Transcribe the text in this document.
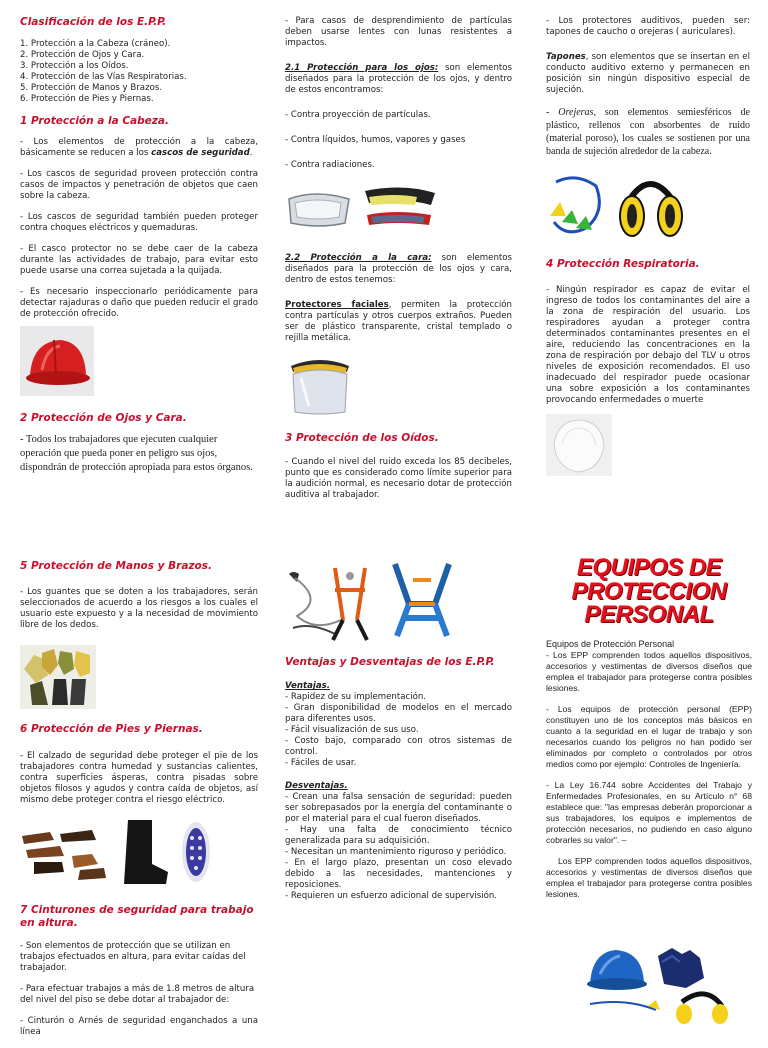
Clasificación de los E.P.P.
1. Protección a la Cabeza (cráneo).
2. Protección de Ojos y Cara.
3. Protección a los Oídos.
4. Protección de las Vías Respiratorias.
5. Protección de Manos y Brazos.
6. Protección de Pies y Piernas.
1 Protección a la Cabeza.
- Los elementos de protección a la cabeza, básicamente se reducen a los cascos de seguridad.
- Los cascos de seguridad proveen protección contra casos de impactos y penetración de objetos que caen sobre la cabeza.
- Los cascos de seguridad también pueden proteger contra choques eléctricos y quemaduras.
- El casco protector no se debe caer de la cabeza durante las actividades de trabajo, para evitar esto puede usarse una correa sujetada a la quijada.
- Es necesario inspeccionarlo periódicamente para detectar rajaduras o daño que pueden reducir el grado de protección ofrecido.
2 Protección de Ojos y Cara.
- Todos los trabajadores que ejecuten cualquier operación que pueda poner en peligro sus ojos, dispondrán de protección apropiada para estos órganos.
5 Protección de Manos y Brazos.
- Los guantes que se doten a los trabajadores, serán seleccionados de acuerdo a los riesgos a los cuales el usuario este expuesto y a la necesidad de movimiento libre de los dedos.
6 Protección de Pies y Piernas.
- El calzado de seguridad debe proteger el pie de los trabajadores contra humedad y sustancias calientes, contra superficies ásperas, contra pisadas sobre objetos filosos y agudos y contra caída de objetos, así mismo debe proteger contra el riesgo eléctrico.
7 Cinturones de seguridad para trabajo en altura.
- Son elementos de protección que se utilizan en trabajos efectuados en altura, para evitar caídas del trabajador.
- Para efectuar trabajos a más de 1.8 metros de altura del nivel del piso se debe dotar al trabajador de:
- Cinturón o Arnés de seguridad enganchados a una línea
- Para casos de desprendimiento de partículas deben usarse lentes con lunas resistentes a impactos.
2.1 Protección para los ojos: son elementos diseñados para la protección de los ojos, y dentro de estos encontramos:
- Contra proyección de partículas.
- Contra líquidos, humos, vapores y gases
- Contra radiaciones.
2.2 Protección a la cara: son elementos diseñados para la protección de los ojos y cara, dentro de estos tenemos:
Protectores faciales, permiten la protección contra partículas y otros cuerpos extraños. Pueden ser de plástico transparente, cristal templado o rejilla metálica.
3 Protección de los Oídos.
- Cuando el nivel del ruido exceda los 85 decibeles, punto que es considerado como límite superior para la audición normal, es necesario dotar de protección auditiva al trabajador.
Ventajas y Desventajas de los E.P.P.
Ventajas.
- Rapidez de su implementación.
- Gran disponibilidad de modelos en el mercado para diferentes usos.
- Fácil visualización de sus uso.
- Costo bajo, comparado con otros sistemas de control.
- Fáciles de usar.
Desventajas.
- Crean una falsa sensación de seguridad: pueden ser sobrepasados por la energía del contaminante o por el material para el cual fueron diseñados.
- Hay una falta de conocimiento técnico generalizada para su adquisición.
- Necesitan un mantenimiento riguroso y periódico.
- En el largo plazo, presentan un coso elevado debido a las necesidades, mantenciones y reposiciones.
- Requieren un esfuerzo adicional de supervisión.
- Los protectores auditivos, pueden ser: tapones de caucho o orejeras ( auriculares).
Tapones, son elementos que se insertan en el conducto auditivo externo y permanecen en posición sin ningún dispositivo especial de sujeción.
- Orejeras, son elementos semiesféricos de plástico, rellenos con absorbentes de ruido (material poroso), los cuales se sostienen por una banda de sujeción alrededor de la cabeza.
4 Protección Respiratoria.
- Ningún respirador es capaz de evitar el ingreso de todos los contaminantes del aire a la zona de respiración del usuario. Los respiradores ayudan a proteger contra determinados contaminantes presentes en el aire, reduciendo las concentraciones en la zona de respiración por debajo del TLV u otros niveles de exposición recomendados. El uso inadecuado del respirador puede ocasionar una sobre exposición a los contaminantes provocando enfermedades o muerte
EQUIPOS DE
PROTECCION
PERSONAL
Equipos de Protección Personal
- Los EPP comprenden todos aquellos dispositivos, accesorios y vestimentas de diversos diseños que emplea el trabajador para protegerse contra posibles lesiones.
- Los equipos de protección personal (EPP) constituyen uno de los conceptos más básicos en cuanto a la seguridad en el lugar de trabajo y son necesarios cuando los peligros no han podido ser eliminados por completo o controlados por otros medios como por ejemplo: Controles de Ingeniería.
- La Ley 16.744 sobre Accidentes del Trabajo y Enfermedades Profesionales, en su Artículo n° 68 establece que: "las empresas deberán proporcionar a sus trabajadores, los equipos e implementos de protección necesarios, no pudiendo en caso alguno cobrarles su valor". –
Los EPP comprenden todos aquellos dispositivos, accesorios y vestimentas de diversos diseños que emplea el trabajador para protegerse contra posibles lesiones.
